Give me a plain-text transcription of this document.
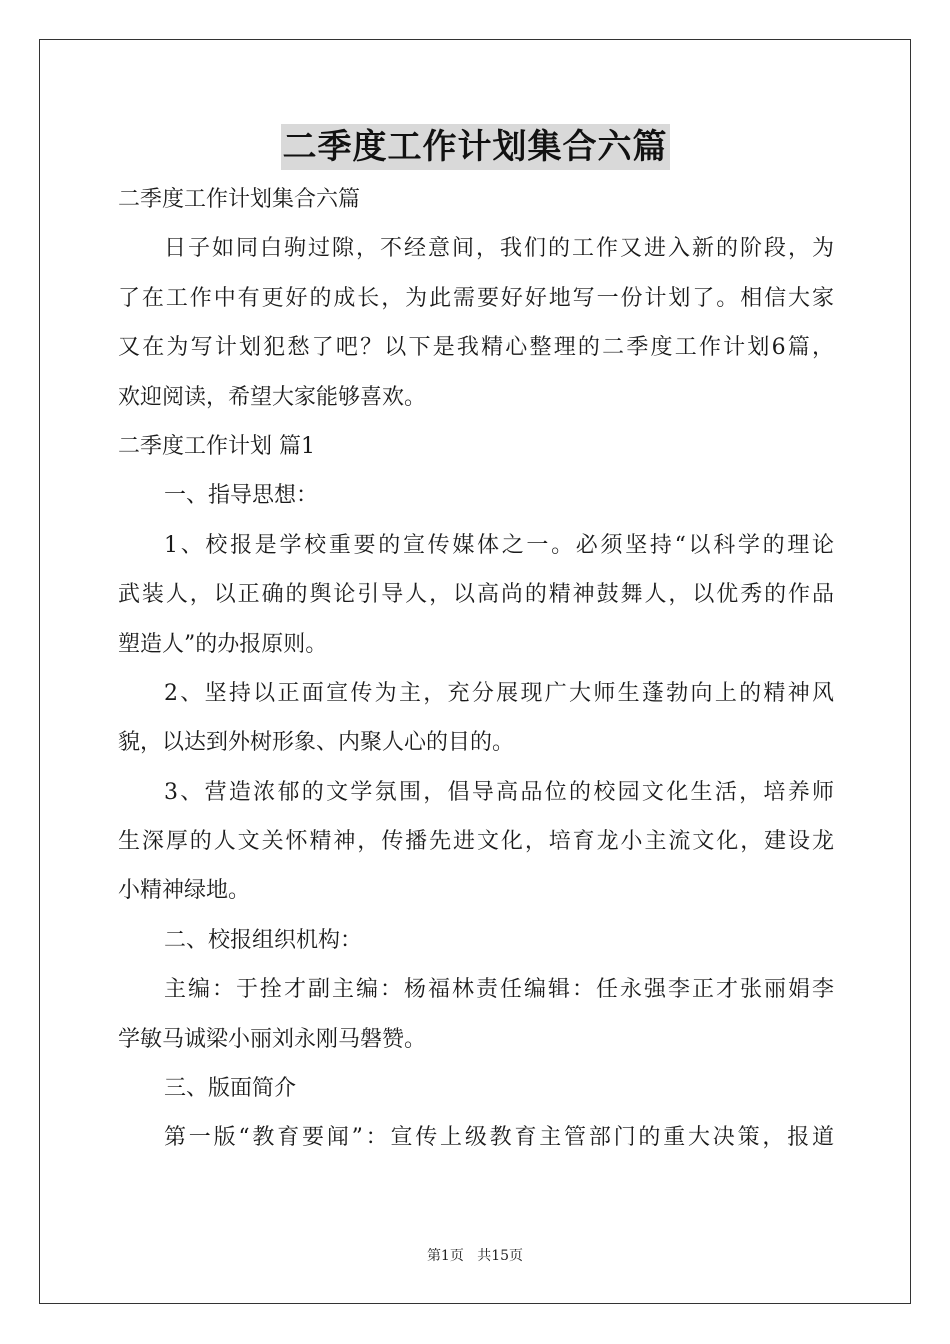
二季度工作计划集合六篇
二季度工作计划集合六篇
日子如同白驹过隙，不经意间，我们的工作又进入新的阶段，为
了在工作中有更好的成长，为此需要好好地写一份计划了。相信大家
又在为写计划犯愁了吧？以下是我精心整理的二季度工作计划6篇，
欢迎阅读，希望大家能够喜欢。
二季度工作计划 篇1
一、指导思想：
1、校报是学校重要的宣传媒体之一。必须坚持“以科学的理论
武装人，以正确的舆论引导人，以高尚的精神鼓舞人，以优秀的作品
塑造人”的办报原则。
2、坚持以正面宣传为主，充分展现广大师生蓬勃向上的精神风
貌，以达到外树形象、内聚人心的目的。
3、营造浓郁的文学氛围，倡导高品位的校园文化生活，培养师
生深厚的人文关怀精神，传播先进文化，培育龙小主流文化，建设龙
小精神绿地。
二、校报组织机构：
主编：于拴才副主编：杨福林责任编辑：任永强李正才张丽娟李
学敏马诚梁小丽刘永刚马磐赞。
三、版面简介
第一版“教育要闻”：宣传上级教育主管部门的重大决策，报道
第1页 共15页
